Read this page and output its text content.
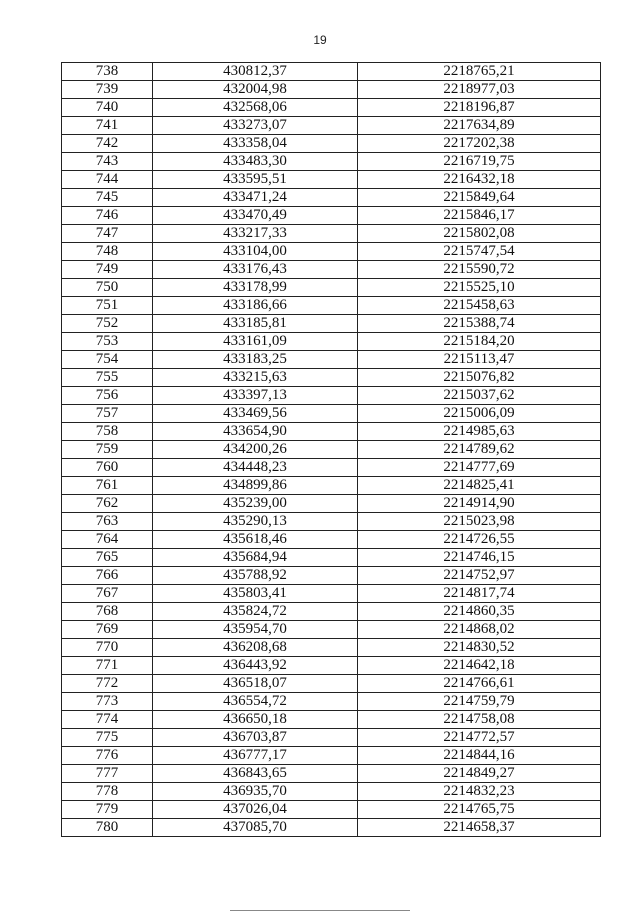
19
738	430812,37	2218765,21
739	432004,98	2218977,03
740	432568,06	2218196,87
741	433273,07	2217634,89
742	433358,04	2217202,38
743	433483,30	2216719,75
744	433595,51	2216432,18
745	433471,24	2215849,64
746	433470,49	2215846,17
747	433217,33	2215802,08
748	433104,00	2215747,54
749	433176,43	2215590,72
750	433178,99	2215525,10
751	433186,66	2215458,63
752	433185,81	2215388,74
753	433161,09	2215184,20
754	433183,25	2215113,47
755	433215,63	2215076,82
756	433397,13	2215037,62
757	433469,56	2215006,09
758	433654,90	2214985,63
759	434200,26	2214789,62
760	434448,23	2214777,69
761	434899,86	2214825,41
762	435239,00	2214914,90
763	435290,13	2215023,98
764	435618,46	2214726,55
765	435684,94	2214746,15
766	435788,92	2214752,97
767	435803,41	2214817,74
768	435824,72	2214860,35
769	435954,70	2214868,02
770	436208,68	2214830,52
771	436443,92	2214642,18
772	436518,07	2214766,61
773	436554,72	2214759,79
774	436650,18	2214758,08
775	436703,87	2214772,57
776	436777,17	2214844,16
777	436843,65	2214849,27
778	436935,70	2214832,23
779	437026,04	2214765,75
780	437085,70	2214658,37
